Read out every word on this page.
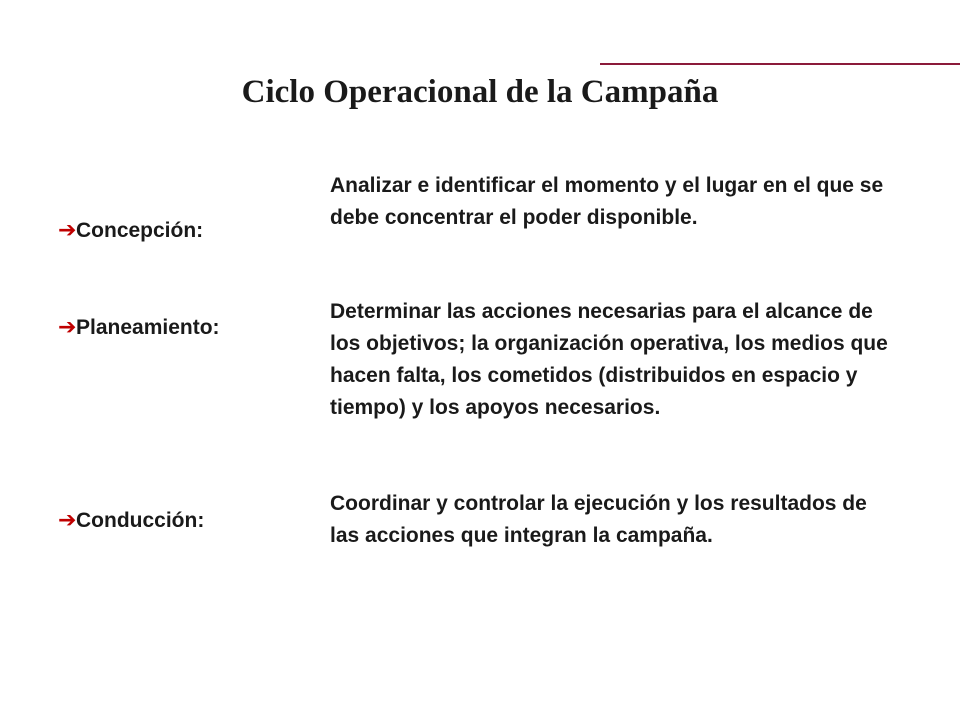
Ciclo Operacional de la Campaña
➔Concepción:

Analizar e identificar el momento y el lugar en el que se debe concentrar el poder disponible.

➔Planeamiento:

Determinar las acciones necesarias para el alcance de los objetivos; la organización operativa, los medios que hacen falta, los cometidos (distribuidos en espacio y tiempo) y los apoyos necesarios.

➔Conducción:

Coordinar y controlar la ejecución y los resultados de las acciones que integran la campaña.
